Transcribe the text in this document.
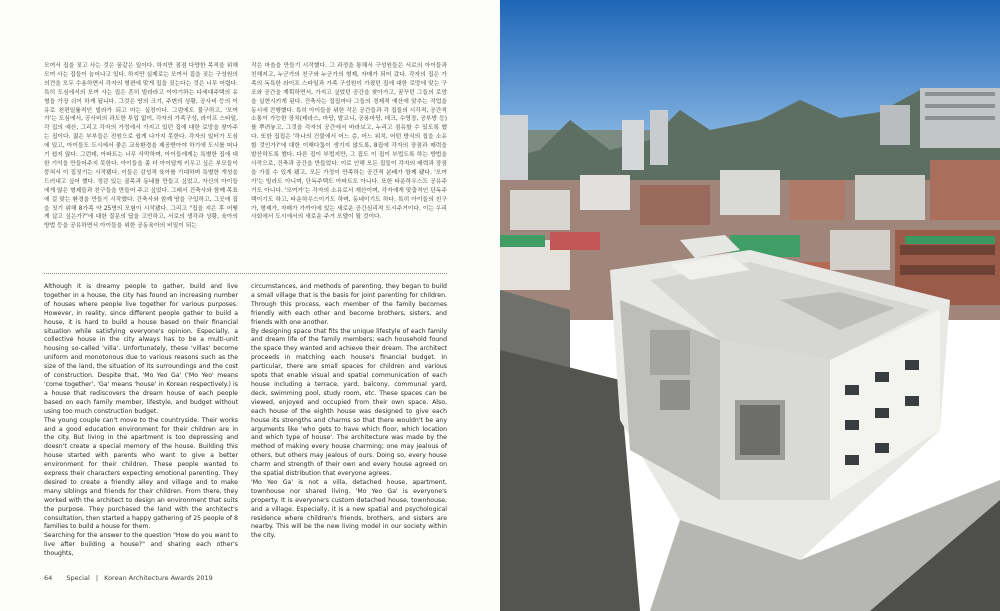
모여서 집을 짓고 사는 것은 꿈같은 일이다. 하지만 점점 다양한 목적을 위해 모여 사는 집들이 늘어나고 있다. 하지만 실제로는 모여서 집을 짓는 구성원의 의견을 모두 수용하면서 각자의 형편에 맞게 집을 짓는다는 것은 너무 어렵다. 특히 도심에서의 모여 사는 집은 흔히 빌라라고 이야기하는 다세대주택의 유형을 가장 쉬이 하게 됩니다. 그것은 땅의 크기, 주변의 상황, 공사비 등의 이유로 천편일률적인 빌라가 되고 마는 실정이다. 그럼에도 불구하고, '모여가'는 도심에서, 공사비의 과도한 투입 없이, 각자의 가족구성, 라이프 스타일, 각 집의 예산, 그리고 각자의 가정에서 가지고 있던 집에 대한 로망을 찾아주는 집이다. 젊은 부부들은 전원으로 쉽게 나가지 못한다. 각자의 일터가 도심에 있고, 아이들도 도시에서 좋은 교육환경을 제공받아야 하기에 도시를 떠나기 쉽지 않다. 그런데, 아파트는 너무 삭막하며, 아이들에게는 특별한 집에 대한 기억을 만들어주지 못한다. 아이들을 좀 더 아이답게 키우고 싶은 부모들이 뭉쳐서 이 집짓기는 시작됐다. 이들은 감성적 육아를 기대하며 특별한 개성을 드러내고 싶어 했다. 정감 있는 골목과 동네를 만들고 싶었고, 자신의 아이들에게 많은 형제들과 친구들을 만들어 주고 싶었다. 그래서 건축사와 함께 목표에 걸 맞는 환경을 만들기 시작했다. 건축사와 함께 땅을 구입하고, 그곳에 집을 짓기 위해 8가족 약 25명의 모험이 시작됐다. 그리고 "집을 지은 후 어떻게 살고 싶은가?"에 대한 질문의 답을 고민하고, 서로의 생각과 상황, 육아의 방법 등을 공유하면서 아이들을 위한 공동육아의 비밀이 되는

작은 마을을 만들기 시작했다. 그 과정을 통해서 구성원들은 서로의 아이들과 친해지고, 누군가의 친구와 누군가의 형제, 자매가 되어 갔다. 각자의 집은 가족의 독특한 라이프 스타일과 가족 구성원이 가졌던 집에 대한 로망에 맞는 구조와 공간을 계획하면서, 가지고 싶었던 공간을 찾아가고, 꿈꾸던 그들의 로망을 실현시키게 된다. 건축사는 집집마다 그들의 경제적 예산에 맞추는 작업을 동시에 진행했다. 특히 아이들을 위한 작은 공간들과 각 집들의 시각적, 공간적 소통이 가능한 장치(테라스, 마당, 발코니, 공용마당, 데크, 수영장, 공부방 등)를 뿌려놓고, 그것을 각자의 공간에서 바라보고, 누리고 점유할 수 있도록 했다. 또한 집집은 '하나의 건물에서 어느 층, 어느 위치, 어떤 방식의 집을 소유할 것인가?'에 대한 이해다툼이 생기지 않도록, 8집에 각자의 장점과 매력을 발산하도록 했다. 다른 집이 부럽지만, 그 집도 이 집이 부럽도록 하는 방법을 사작으로, 건축과 공간을 만들었다. 이로 인해 모든 집들이 각자의 매력과 장점을 가질 수 있게 됐고, 모든 가정이 만족하는 공간적 분배가 함께 됐다. '모여가'는 빌라도 아니며, 단독주택도 아파트도 아니다. 또한 타운하우스도 공유주거도 아니다. '모여가'는 각자의 소유로서 재산이며, 각자에게 맞춤적인 단독주택이기도 하고, 타운하우스이기도 하며, 동네이기도 하다. 특히 아이들의 친구가, 형제가, 자매가 가까이에 있는 새로운 공간심리적 도시주거이다. 이는 우리 사회에서 도시에서의 새로운 주거 모델이 될 것이다.

Although it is dreamy people to gather, build and live together in a house, the city has found an increasing number of houses where people live together for various purposes. However, in reality, since different people gather to build a house, it is hard to build a house based on their financial situation while satisfying everyone's opinion. Especially, a collective house in the city always has to be a multi-unit housing so-called 'villa'. Unfortunately, these 'villas' become uniform and monotonous due to various reasons such as the size of the land, the situation of its surroundings and the cost of construction. Despite that, 'Mo Yeo Ga' ('Mo Yeo' means 'come together', 'Ga' means 'house' in Korean respectively.) is a house that rediscovers the dream house of each people based on each family member, lifestyle, and budget without using too much construction budget.
The young couple can't move to the countryside. Their works and a good education environment for their children are in the city. But living in the apartment is too depressing and doesn't create a special memory of the house. Building this house started with parents who want to give a better environment for their children. These people wanted to express their characters expecting emotional parenting. They desired to create a friendly alley and village and to make many siblings and friends for their children. From there, they worked with the architect to design an environment that suits the purpose. They purchased the land with the architect's consultation, then started a happy gathering of 25 people of 8 families to build a house for them.
Searching for the answer to the question "How do you want to live after building a house?" and sharing each other's thoughts,

circumstances, and methods of parenting, they began to build a small village that is the basis for joint parenting for children. Through this process, each member of the family becomes friendly with each other and become brothers, sisters, and friends with one another.
By designing space that fits the unique lifestyle of each family and dream life of the family members; each household found the space they wanted and achieve their dream. The architect proceeds in matching each house's financial budget. In particular, there are small spaces for children and various spots that enable visual and spatial communication of each house including a terrace, yard, balcony, communal yard, deck, swimming pool, study room, etc. These spaces can be viewed, enjoyed and occupied from their own space. Also, each house of the eighth house was designed to give each house its strengths and charms so that there wouldn't be any arguments like 'who gets to have which floor, which location and which type of house'. The architecture was made by the method of making every house charming; one may jealous of others, but others may jealous of ours. Doing so, every house charm and strength of their own and every house agreed on the spatial distribution that everyone agrees.
'Mo Yeo Ga' is not a villa, detached house, apartment, townhouse nor shared living. 'Mo Yeo Ga' is everyone's property. It is everyone's custom detached house, townhouse, and a village. Especially, it is a new spatial and psychological residence where children's friends, brothers, and sisters are nearby. This will be the new living model in our society within the city.

64 Special | Korean Architecture Awards 2019
